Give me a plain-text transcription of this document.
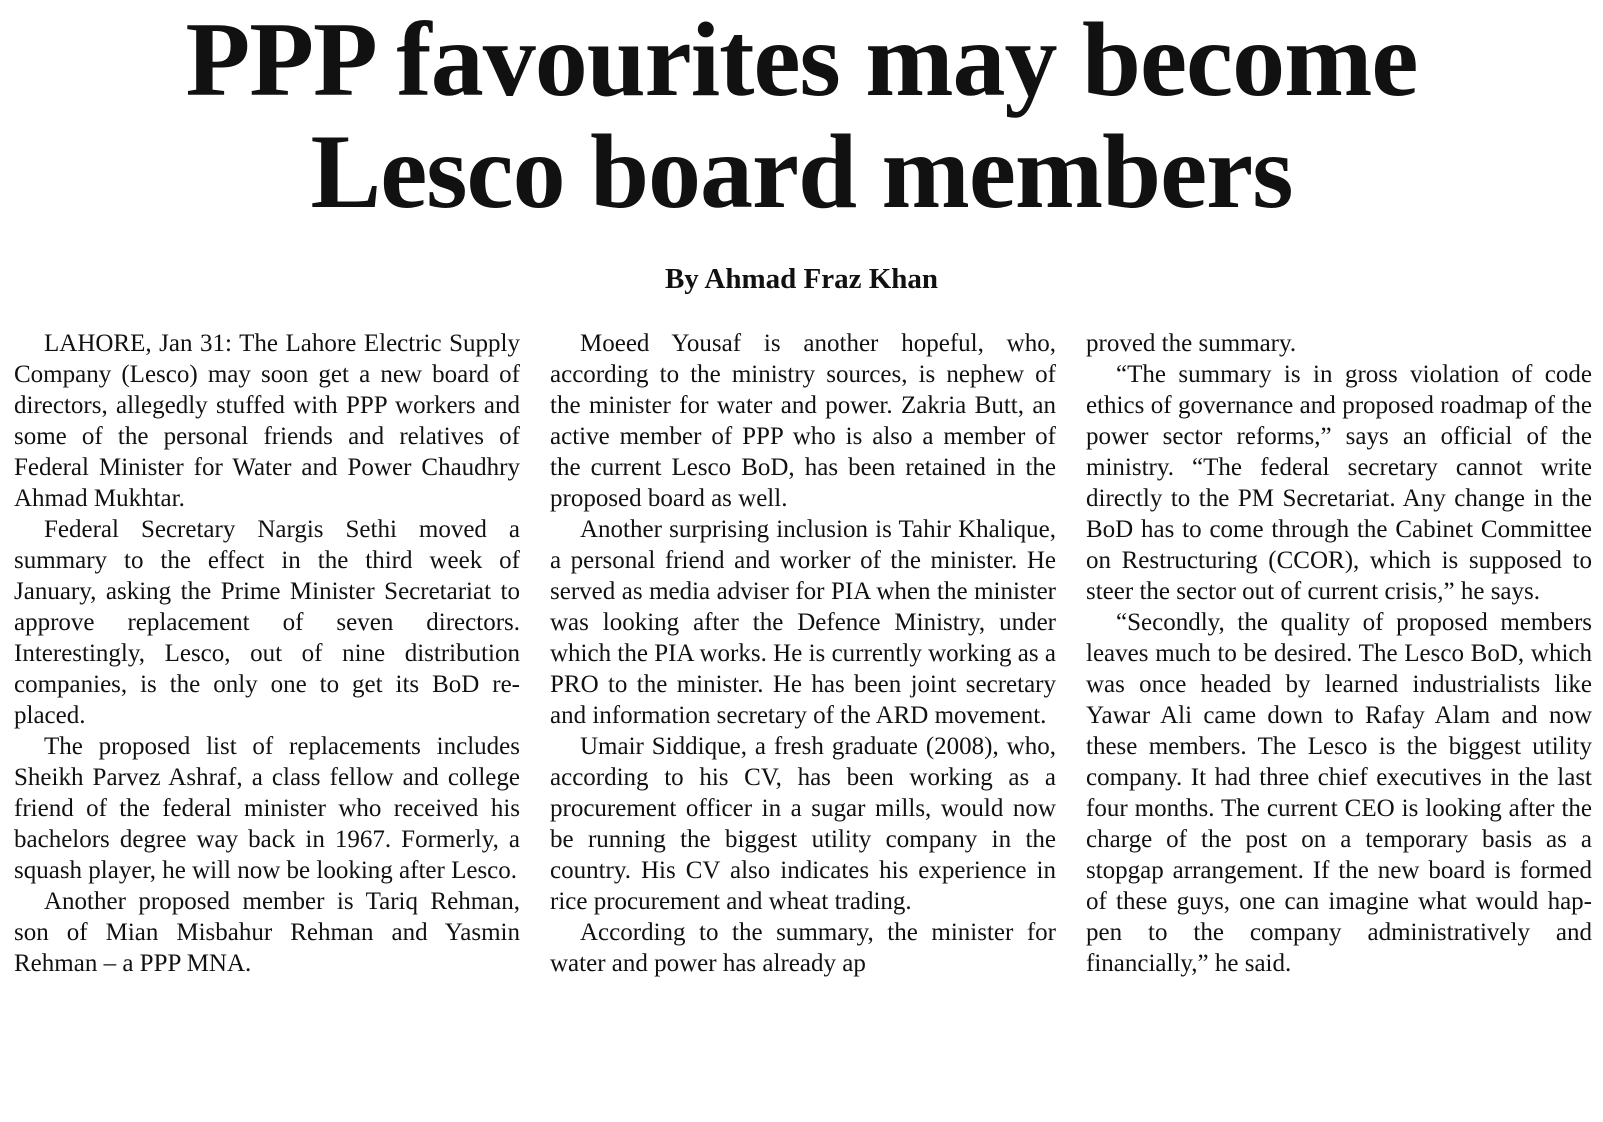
PPP favourites may become
Lesco board members

By Ahmad Fraz Khan

LAHORE, Jan 31: The Lahore Electric Supply Company (Lesco) may soon get a new board of directors, allegedly stuffed with PPP workers and some of the personal friends and relatives of Federal Minister for Water and Power Chaudhry Ahmad Mukhtar.

Federal Secretary Nargis Sethi moved a summary to the effect in the third week of January, asking the Prime Minister Secretariat to approve replacement of seven directors. Interestingly, Lesco, out of nine distribution companies, is the only one to get its BoD replaced.

The proposed list of replacements includes Sheikh Parvez Ashraf, a class fellow and college friend of the federal minister who received his bachelors degree way back in 1967. Formerly, a squash player, he will now be looking after Lesco.

Another proposed member is Tariq Rehman, son of Mian Misbahur Rehman and Yasmin Rehman – a PPP MNA.

Moeed Yousaf is another hopeful, who, according to the ministry sources, is nephew of the minister for water and power. Zakria Butt, an active member of PPP who is also a member of the current Lesco BoD, has been retained in the proposed board as well.

Another surprising inclusion is Tahir Khalique, a personal friend and worker of the minister. He served as media adviser for PIA when the minister was looking after the Defence Ministry, under which the PIA works. He is currently working as a PRO to the minister. He has been joint secretary and information secretary of the ARD movement.

Umair Siddique, a fresh graduate (2008), who, according to his CV, has been working as a procurement officer in a sugar mills, would now be running the biggest utility company in the country. His CV also indicates his experience in rice procurement and wheat trading.

According to the summary, the minister for water and power has already ap

proved the summary.

“The summary is in gross violation of code ethics of governance and proposed roadmap of the power sector reforms,” says an official of the ministry. “The federal secretary cannot write directly to the PM Secretariat. Any change in the BoD has to come through the Cabinet Committee on Restructuring (CCOR), which is supposed to steer the sector out of current crisis,” he says.

“Secondly, the quality of proposed members leaves much to be desired. The Lesco BoD, which was once headed by learned industrialists like Yawar Ali came down to Rafay Alam and now these members. The Lesco is the biggest utility company. It had three chief executives in the last four months. The current CEO is looking after the charge of the post on a temporary basis as a stopgap arrangement. If the new board is formed of these guys, one can imagine what would happen to the company administratively and financially,” he said.
